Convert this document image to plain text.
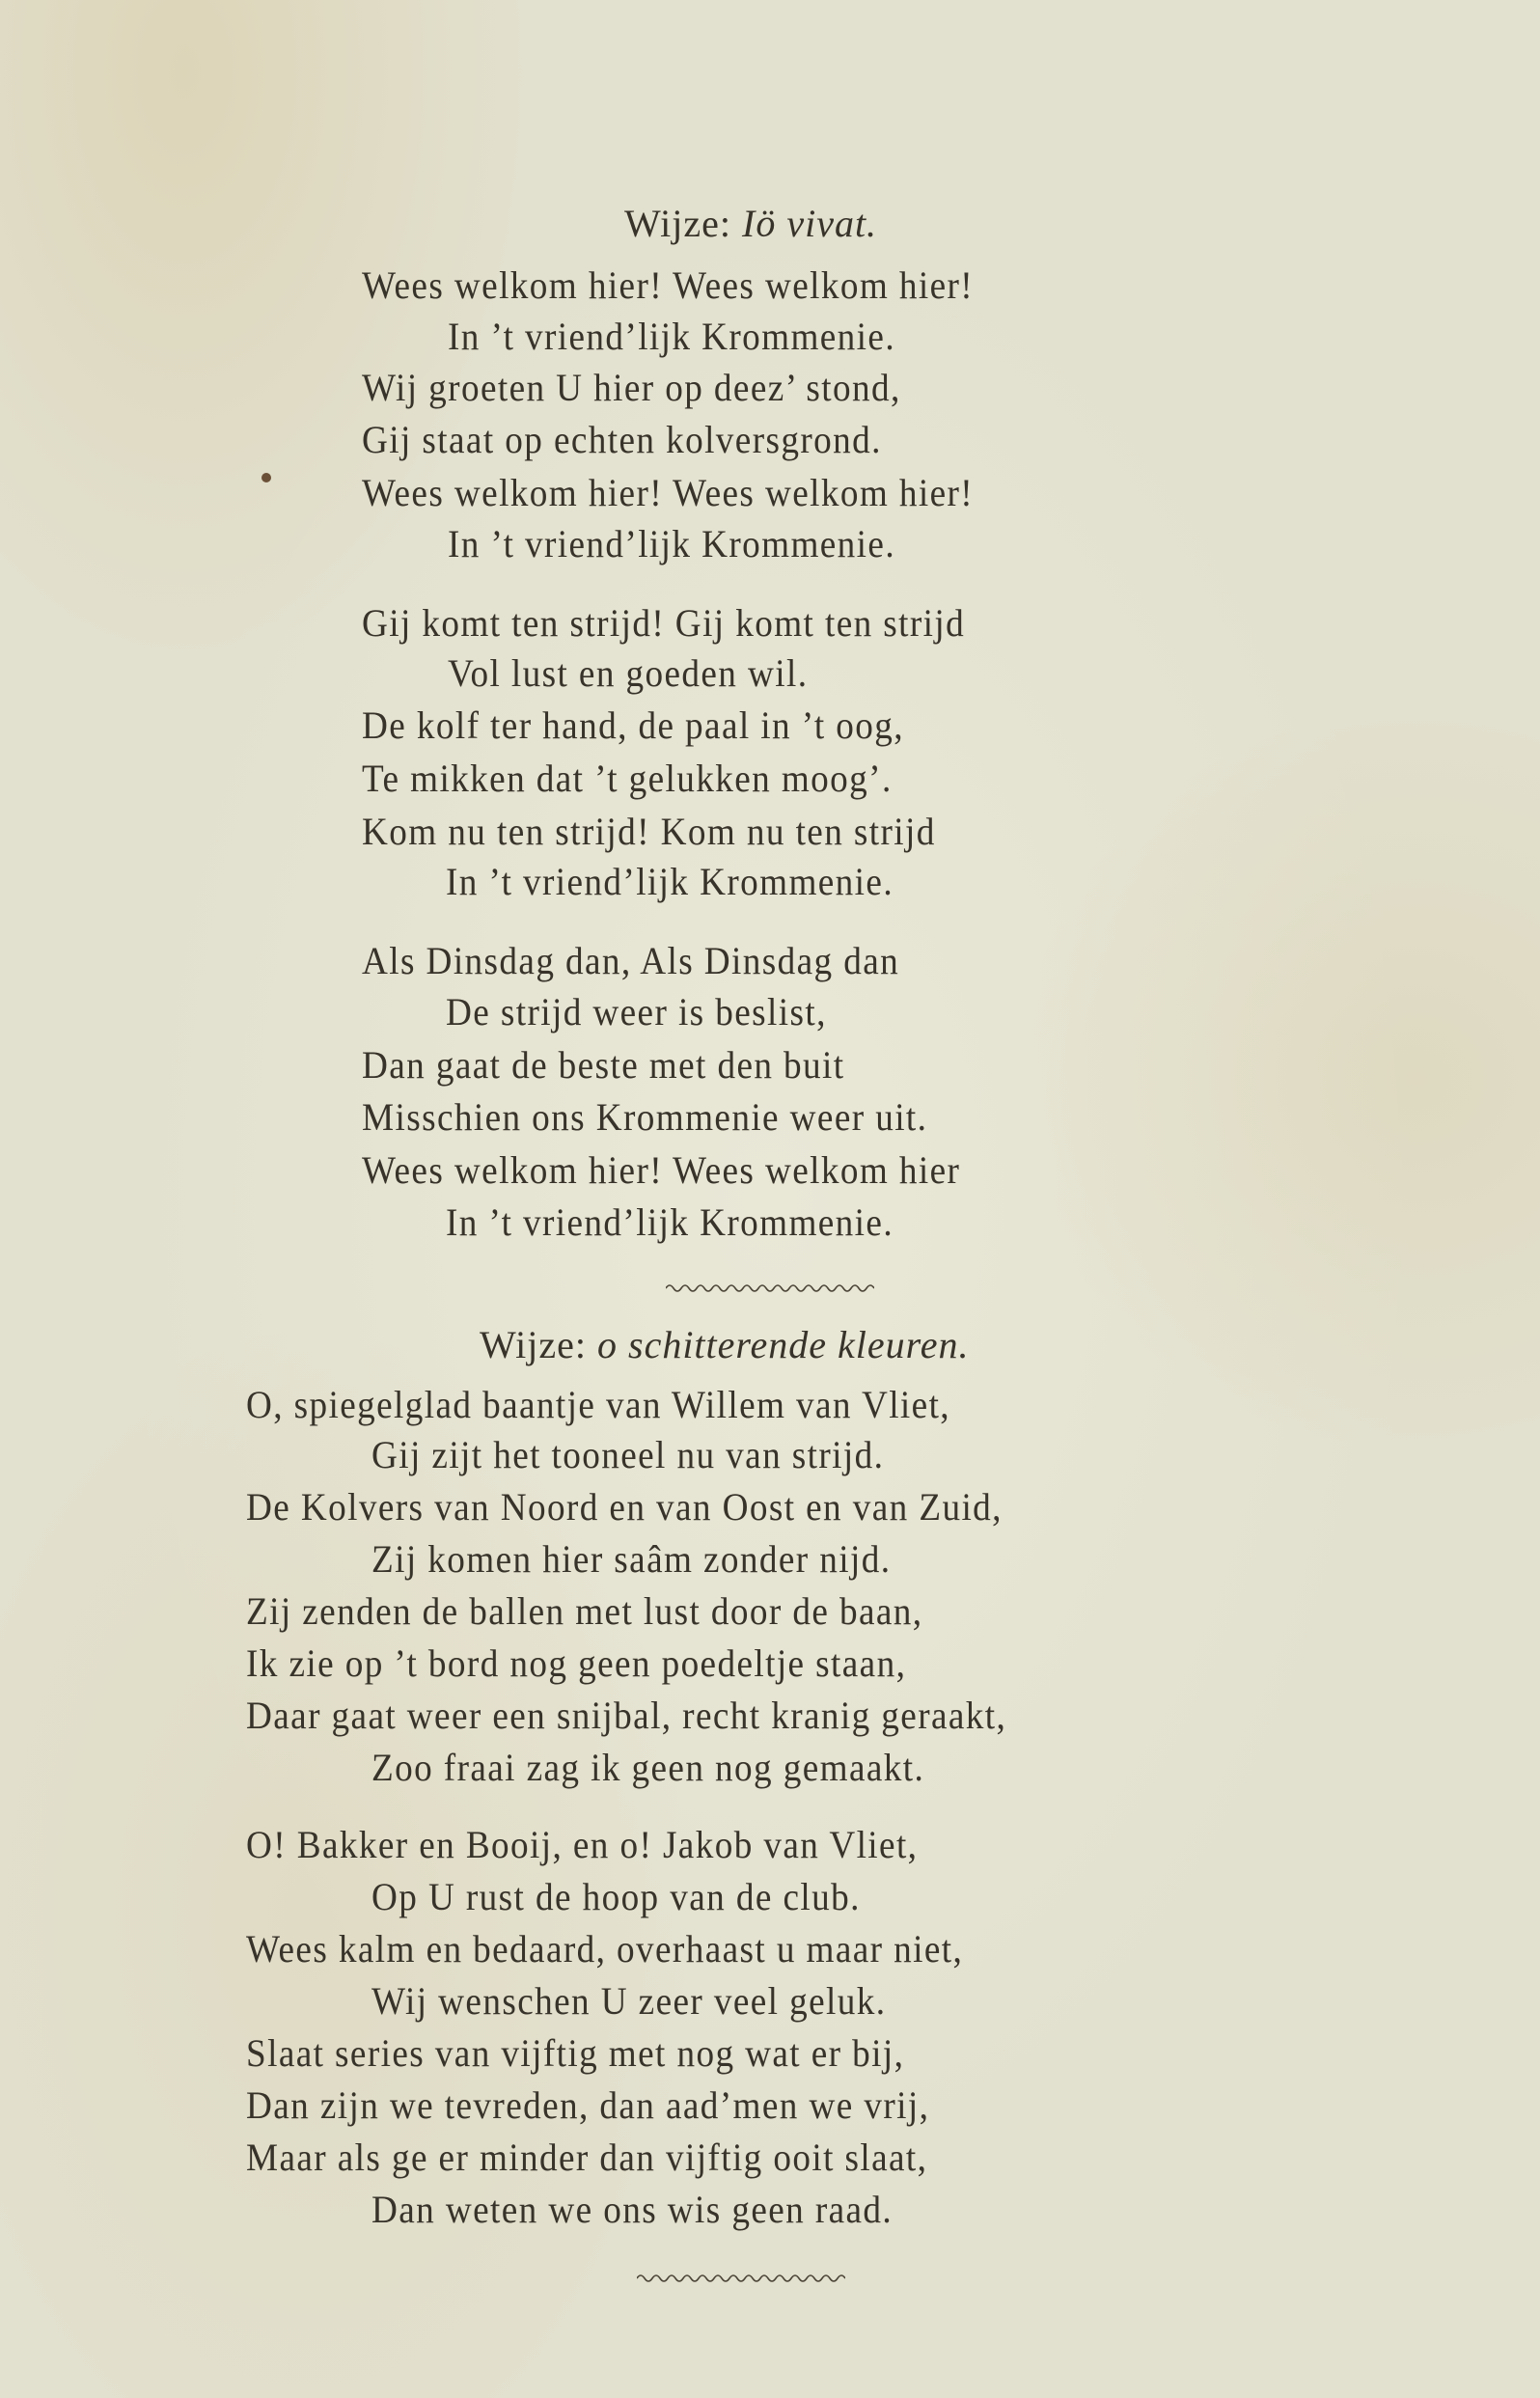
Wijze: Iö vivat.
Wees welkom hier! Wees welkom hier!
In ’t vriend’lijk Krommenie.
Wij groeten U hier op deez’ stond,
Gij staat op echten kolversgrond.
Wees welkom hier! Wees welkom hier!
In ’t vriend’lijk Krommenie.
Gij komt ten strijd! Gij komt ten strijd
Vol lust en goeden wil.
De kolf ter hand, de paal in ’t oog,
Te mikken dat ’t gelukken moog’.
Kom nu ten strijd! Kom nu ten strijd
In ’t vriend’lijk Krommenie.
Als Dinsdag dan, Als Dinsdag dan
De strijd weer is beslist,
Dan gaat de beste met den buit
Misschien ons Krommenie weer uit.
Wees welkom hier! Wees welkom hier
In ’t vriend’lijk Krommenie.
Wijze: o schitterende kleuren.
O, spiegelglad baantje van Willem van Vliet,
Gij zijt het tooneel nu van strijd.
De Kolvers van Noord en van Oost en van Zuid,
Zij komen hier saâm zonder nijd.
Zij zenden de ballen met lust door de baan,
Ik zie op ’t bord nog geen poedeltje staan,
Daar gaat weer een snijbal, recht kranig geraakt,
Zoo fraai zag ik geen nog gemaakt.
O! Bakker en Booij, en o! Jakob van Vliet,
Op U rust de hoop van de club.
Wees kalm en bedaard, overhaast u maar niet,
Wij wenschen U zeer veel geluk.
Slaat series van vijftig met nog wat er bij,
Dan zijn we tevreden, dan aad’men we vrij,
Maar als ge er minder dan vijftig ooit slaat,
Dan weten we ons wis geen raad.
